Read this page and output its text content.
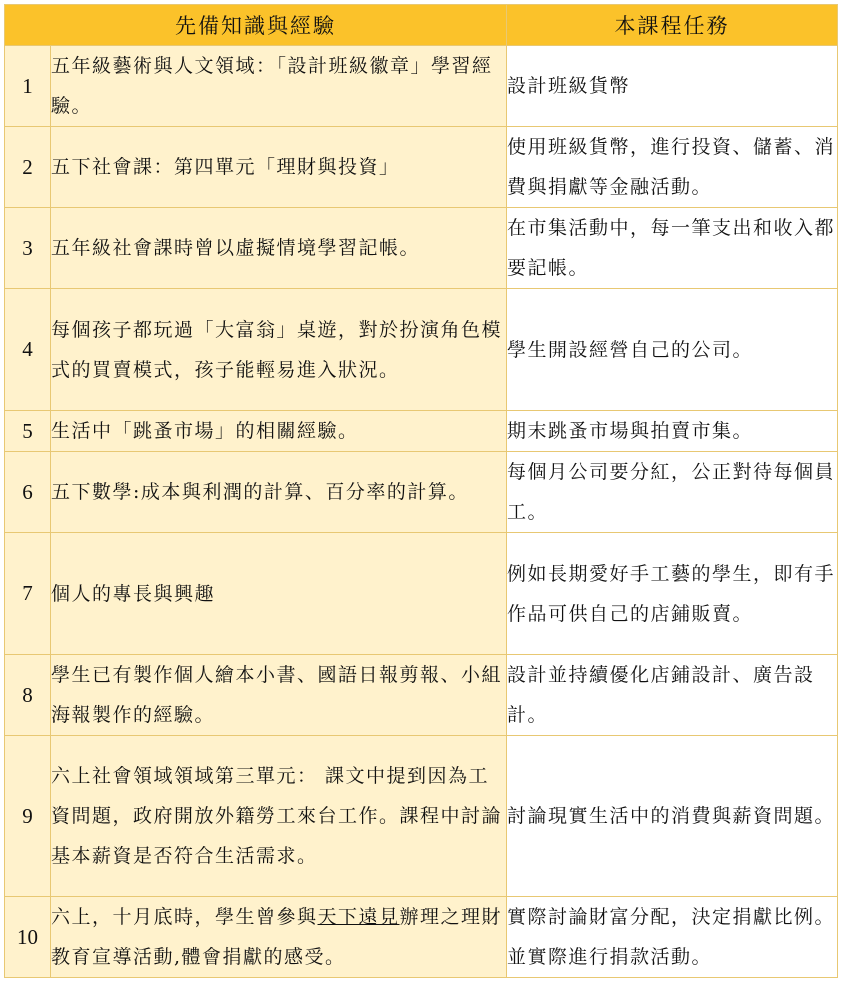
先備知識與經驗		本課程任務
1	五年級藝術與人文領域：「設計班級徽章」學習經驗。	設計班級貨幣
2	五下社會課：第四單元「理財與投資」	使用班級貨幣，進行投資、儲蓄、消費與捐獻等金融活動。
3	五年級社會課時曾以虛擬情境學習記帳。	在市集活動中，每一筆支出和收入都要記帳。
4	每個孩子都玩過「大富翁」桌遊，對於扮演角色模式的買賣模式，孩子能輕易進入狀況。	學生開設經營自己的公司。
5	生活中「跳蚤市場」的相關經驗。	期末跳蚤市場與拍賣市集。
6	五下數學:成本與利潤的計算、百分率的計算。	每個月公司要分紅，公正對待每個員工。
7	個人的專長與興趣	例如長期愛好手工藝的學生，即有手作品可供自己的店鋪販賣。
8	學生已有製作個人繪本小書、國語日報剪報、小組海報製作的經驗。	設計並持續優化店鋪設計、廣告設計。
9	六上社會領域領域第三單元： 課文中提到因為工資問題，政府開放外籍勞工來台工作。課程中討論基本薪資是否符合生活需求。	討論現實生活中的消費與薪資問題。
10	六上，十月底時，學生曾參與天下遠見辦理之理財教育宣導活動,體會捐獻的感受。	實際討論財富分配，決定捐獻比例。並實際進行捐款活動。
